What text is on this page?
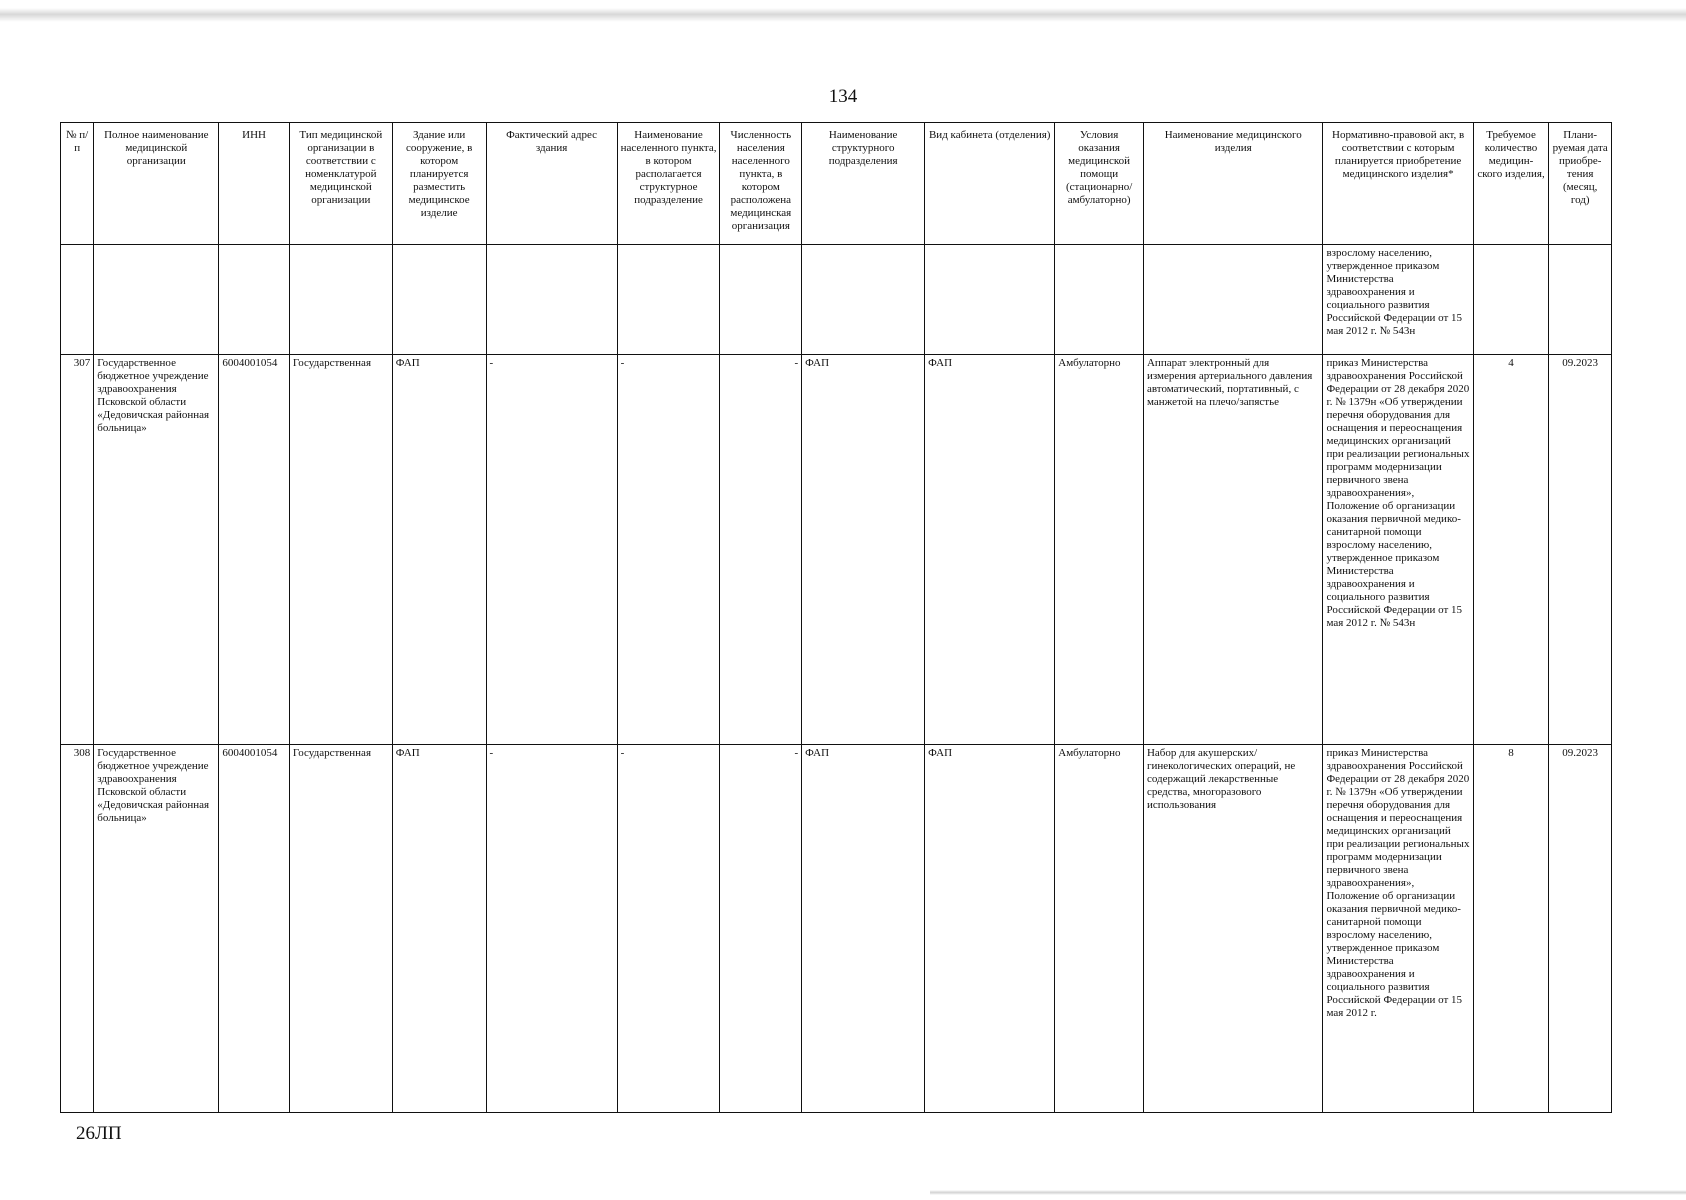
134
№ п/п	Полное наименование медицинской организации	ИНН	Тип медицинской организации в соответствии с номенклатурой медицинской организации	Здание или сооружение, в котором планируется разместить медицинское изделие	Фактический адрес здания	Наименование населенного пункта, в котором располагается структурное подразделение	Численность населения населенного пункта, в котором расположена медицинская организация	Наименование структурного подразделения	Вид кабинета (отделения)	Условия оказания медицинской помощи (стационарно/ амбулаторно)	Наименование медицинского изделия	Нормативно-правовой акт, в соответствии с которым планируется приобретение медицинского изделия*	Требуемое количество медицин-ского изделия,	Плани-руемая дата приобре-тения (месяц, год)
												взрослому населению, утвержденное приказом Министерства здравоохранения и социального развития Российской Федерации от 15 мая 2012 г. № 543н		
307	Государственное бюджетное учреждение здравоохранения Псковской области «Дедовичская районная больница»	6004001054	Государственная	ФАП	-	-	-	ФАП	ФАП	Амбулаторно	Аппарат электронный для измерения артериального давления автоматический, портативный, с манжетой на плечо/запястье	приказ Министерства здравоохранения Российской Федерации от 28 декабря 2020 г. № 1379н «Об утверждении перечня оборудования для оснащения и переоснащения медицинских организаций при реализации региональных программ модернизации первичного звена здравоохранения», Положение об организации оказания первичной медико-санитарной помощи взрослому населению, утвержденное приказом Министерства здравоохранения и социального развития Российской Федерации от 15 мая 2012 г. № 543н	4	09.2023
308	Государственное бюджетное учреждение здравоохранения Псковской области «Дедовичская районная больница»	6004001054	Государственная	ФАП	-	-	-	ФАП	ФАП	Амбулаторно	Набор для акушерских/ гинекологических операций, не содержащий лекарственные средства, многоразового использования	приказ Министерства здравоохранения Российской Федерации от 28 декабря 2020 г. № 1379н «Об утверждении перечня оборудования для оснащения и переоснащения медицинских организаций при реализации региональных программ модернизации первичного звена здравоохранения», Положение об организации оказания первичной медико-санитарной помощи взрослому населению, утвержденное приказом Министерства здравоохранения и социального развития Российской Федерации от 15 мая 2012 г.	8	09.2023
26ЛП
